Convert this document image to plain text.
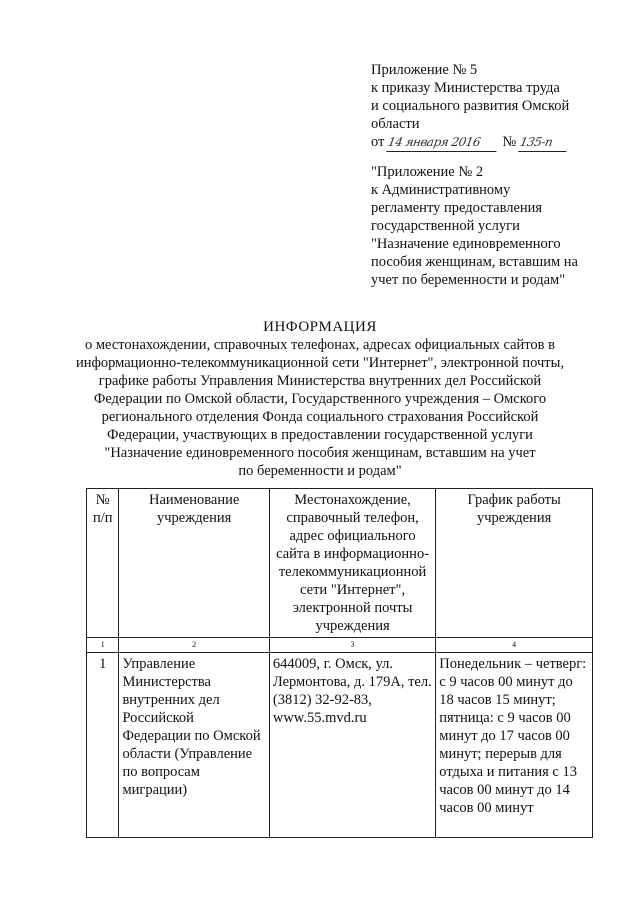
Приложение № 5
к приказу Министерства труда
и социального развития Омской
области
от 14 января 2016	№ 135-п
"Приложение № 2
к Административному
регламенту предоставления
государственной услуги
"Назначение единовременного
пособия женщинам, вставшим на
учет по беременности и родам"
ИНФОРМАЦИЯ
о местонахождении, справочных телефонах, адресах официальных сайтов в
информационно-телекоммуникационной сети "Интернет", электронной почты,
графике работы Управления Министерства внутренних дел Российской
Федерации по Омской области, Государственного учреждения – Омского
регионального отделения Фонда социального страхования Российской
Федерации, участвующих в предоставлении государственной услуги
"Назначение единовременного пособия женщинам, вставшим на учет
по беременности и родам"
№ п/п	Наименование учреждения	Местонахождение, справочный телефон, адрес официального сайта в информационно-телекоммуникационной сети "Интернет", электронной почты учреждения	График работы учреждения
1	2	3	4
1	Управление Министерства внутренних дел Российской Федерации по Омской области (Управление по вопросам миграции)	644009, г. Омск, ул. Лермонтова, д. 179А, тел. (3812) 32-92-83, www.55.mvd.ru	Понедельник – четверг: с 9 часов 00 минут до 18 часов 15 минут; пятница: с 9 часов 00 минут до 17 часов 00 минут; перерыв для отдыха и питания с 13 часов 00 минут до 14 часов 00 минут
